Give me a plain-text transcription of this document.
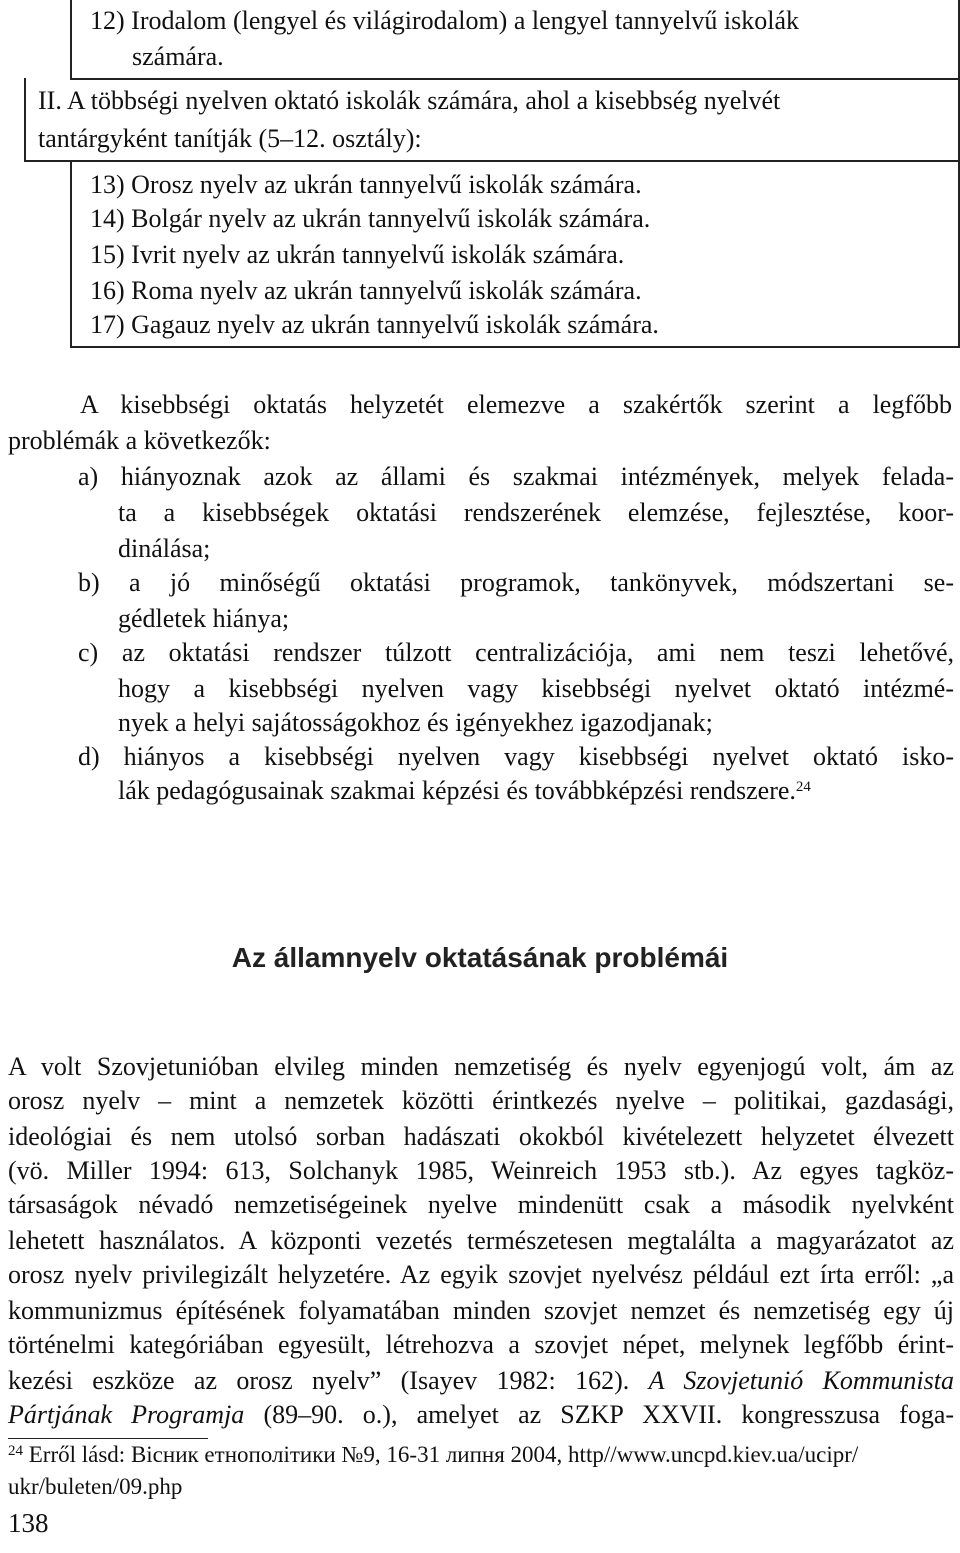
12) Irodalom (lengyel és világirodalom) a lengyel tannyelvű iskolák
számára.
II. A többségi nyelven oktató iskolák számára, ahol a kisebbség nyelvét
tantárgyként tanítják (5–12. osztály):
13) Orosz nyelv az ukrán tannyelvű iskolák számára.
14) Bolgár nyelv az ukrán tannyelvű iskolák számára.
15) Ivrit nyelv az ukrán tannyelvű iskolák számára.
16) Roma nyelv az ukrán tannyelvű iskolák számára.
17) Gagauz nyelv az ukrán tannyelvű iskolák számára.
A kisebbségi oktatás helyzetét elemezve a szakértők szerint a legfőbb
problémák a következők:
a) hiányoznak azok az állami és szakmai intézmények, melyek felada-
ta a kisebbségek oktatási rendszerének elemzése, fejlesztése, koor-
dinálása;
b) a jó minőségű oktatási programok, tankönyvek, módszertani se-
gédletek hiánya;
c) az oktatási rendszer túlzott centralizációja, ami nem teszi lehetővé,
hogy a kisebbségi nyelven vagy kisebbségi nyelvet oktató intézmé-
nyek a helyi sajátosságokhoz és igényekhez igazodjanak;
d) hiányos a kisebbségi nyelven vagy kisebbségi nyelvet oktató isko-
lák pedagógusainak szakmai képzési és továbbképzési rendszere.$^{24}$
Az államnyelv oktatásának problémái
A volt Szovjetunióban elvileg minden nemzetiség és nyelv egyenjogú volt, ám az
orosz nyelv – mint a nemzetek közötti érintkezés nyelve – politikai, gazdasági,
ideológiai és nem utolsó sorban hadászati okokból kivételezett helyzetet élvezett
(vö. Miller 1994: 613, Solchanyk 1985, Weinreich 1953 stb.). Az egyes tagköz-
társaságok névadó nemzetiségeinek nyelve mindenütt csak a második nyelvként
lehetett használatos. A központi vezetés természetesen megtalálta a magyarázatot az
orosz nyelv privilegizált helyzetére. Az egyik szovjet nyelvész például ezt írta erről: „a
kommunizmus építésének folyamatában minden szovjet nemzet és nemzetiség egy új
történelmi kategóriában egyesült, létrehozva a szovjet népet, melynek legfőbb érint-
kezési eszköze az orosz nyelv” (Isayev 1982: 162). A Szovjetunió Kommunista
Pártjának Programja (89–90. o.), amelyet az SZKP XXVII. kongresszusa foga-
$^{24}$ Erről lásd: Вісник етнополітики №9, 16-31 липня 2004, http//www.uncpd.kiev.ua/ucipr/
ukr/buleten/09.php
138
